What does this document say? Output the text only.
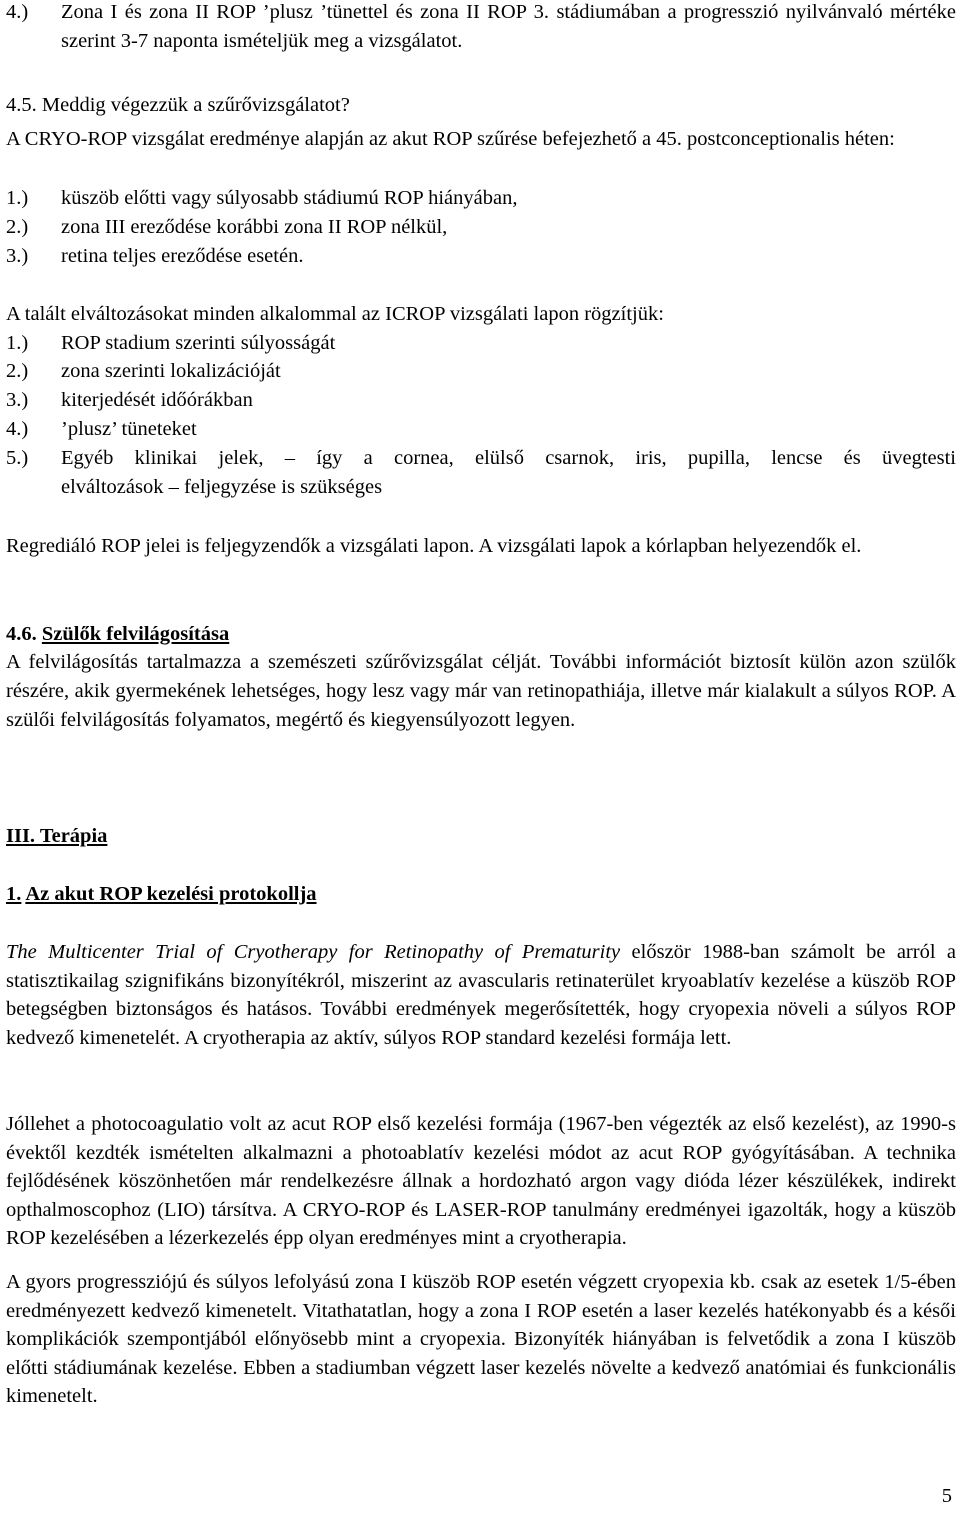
4.)	Zona I és zona II ROP ’plusz ’tünettel és zona II ROP 3. stádiumában a progresszió nyilvánvaló mértéke szerint 3-7 naponta ismételjük meg a vizsgálatot.
4.5. Meddig végezzük a szűrővizsgálatot?
A CRYO-ROP vizsgálat eredménye alapján az akut ROP szűrése befejezhető a 45. postconceptionalis héten:
1.)	küszöb előtti vagy súlyosabb stádiumú ROP hiányában,
2.)	zona III ereződése korábbi zona II ROP nélkül,
3.)	retina teljes ereződése esetén.
A talált elváltozásokat minden alkalommal az ICROP vizsgálati lapon rögzítjük:
1.)	ROP stadium szerinti súlyosságát
2.)	zona szerinti lokalizációját
3.)	kiterjedését időórákban
4.)	’plusz’ tüneteket
5.)	Egyéb klinikai jelek, – így a cornea, elülső csarnok, iris, pupilla, lencse és üvegtesti
elváltozások – feljegyzése is szükséges
Regrediáló ROP jelei is feljegyzendők a vizsgálati lapon. A vizsgálati lapok a kórlapban helyezendők el.
4.6. Szülők felvilágosítása
A felvilágosítás tartalmazza a szemészeti szűrővizsgálat célját. További információt biztosít külön azon szülők részére, akik gyermekének lehetséges, hogy lesz vagy már van retinopathiája, illetve már kialakult a súlyos ROP. A szülői felvilágosítás folyamatos, megértő és kiegyensúlyozott legyen.
III. Terápia
1. Az akut ROP kezelési protokollja
The Multicenter Trial of Cryotherapy for Retinopathy of Prematurity először 1988-ban számolt be arról a statisztikailag szignifikáns bizonyítékról, miszerint az avascularis retinaterület kryoablatív kezelése a küszöb ROP betegségben biztonságos és hatásos. További eredmények megerősítették, hogy cryopexia növeli a súlyos ROP kedvező kimenetelét. A cryotherapia az aktív, súlyos ROP standard kezelési formája lett.
Jóllehet a photocoagulatio volt az acut ROP első kezelési formája (1967-ben végezték az első kezelést), az 1990-s évektől kezdték ismételten alkalmazni a photoablatív kezelési módot az acut ROP gyógyításában. A technika fejlődésének köszönhetően már rendelkezésre állnak a hordozható argon vagy dióda lézer készülékek, indirekt opthalmoscophoz (LIO) társítva. A CRYO-ROP és LASER-ROP tanulmány eredményei igazolták, hogy a küszöb ROP kezelésében a lézerkezelés épp olyan eredményes mint a cryotherapia.
A gyors progressziójú és súlyos lefolyású zona I küszöb ROP esetén végzett cryopexia kb. csak az esetek 1/5-ében eredményezett kedvező kimenetelt. Vitathatatlan, hogy a zona I ROP esetén a laser kezelés hatékonyabb és a késői komplikációk szempontjából előnyösebb mint a cryopexia. Bizonyíték hiányában is felvetődik a zona I küszöb előtti stádiumának kezelése. Ebben a stadiumban végzett laser kezelés növelte a kedvező anatómiai és funkcionális kimenetelt.
5
